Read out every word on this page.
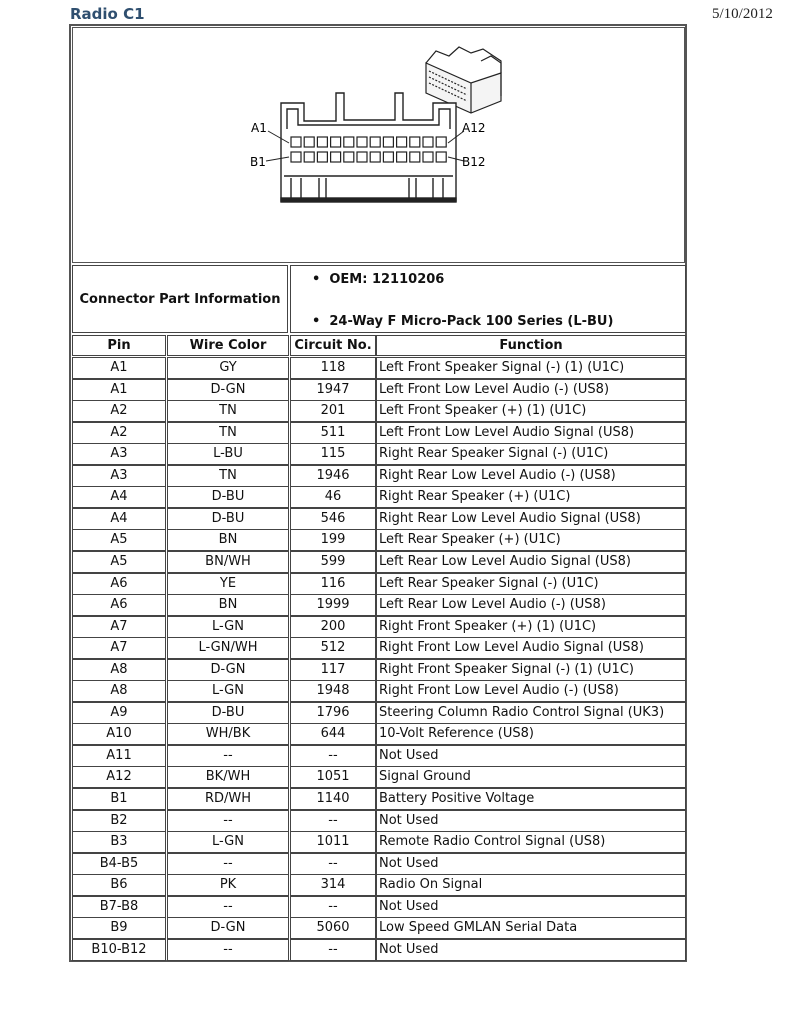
Radio C1	5/10/2012
A1	A12
B1	B12
Connector Part Information
•  OEM: 12110206
•  24-Way F Micro-Pack 100 Series (L-BU)
Pin	Wire Color	Circuit No.	Function
A1	GY	118	Left Front Speaker Signal (-) (1) (U1C)
A1	D-GN	1947	Left Front Low Level Audio (-) (US8)
A2	TN	201	Left Front Speaker (+) (1) (U1C)
A2	TN	511	Left Front Low Level Audio Signal (US8)
A3	L-BU	115	Right Rear Speaker Signal (-) (U1C)
A3	TN	1946	Right Rear Low Level Audio (-) (US8)
A4	D-BU	46	Right Rear Speaker (+) (U1C)
A4	D-BU	546	Right Rear Low Level Audio Signal (US8)
A5	BN	199	Left Rear Speaker (+) (U1C)
A5	BN/WH	599	Left Rear Low Level Audio Signal (US8)
A6	YE	116	Left Rear Speaker Signal (-) (U1C)
A6	BN	1999	Left Rear Low Level Audio (-) (US8)
A7	L-GN	200	Right Front Speaker (+) (1) (U1C)
A7	L-GN/WH	512	Right Front Low Level Audio Signal (US8)
A8	D-GN	117	Right Front Speaker Signal (-) (1) (U1C)
A8	L-GN	1948	Right Front Low Level Audio (-) (US8)
A9	D-BU	1796	Steering Column Radio Control Signal (UK3)
A10	WH/BK	644	10-Volt Reference (US8)
A11	--	--	Not Used
A12	BK/WH	1051	Signal Ground
B1	RD/WH	1140	Battery Positive Voltage
B2	--	--	Not Used
B3	L-GN	1011	Remote Radio Control Signal (US8)
B4-B5	--	--	Not Used
B6	PK	314	Radio On Signal
B7-B8	--	--	Not Used
B9	D-GN	5060	Low Speed GMLAN Serial Data
B10-B12	--	--	Not Used
